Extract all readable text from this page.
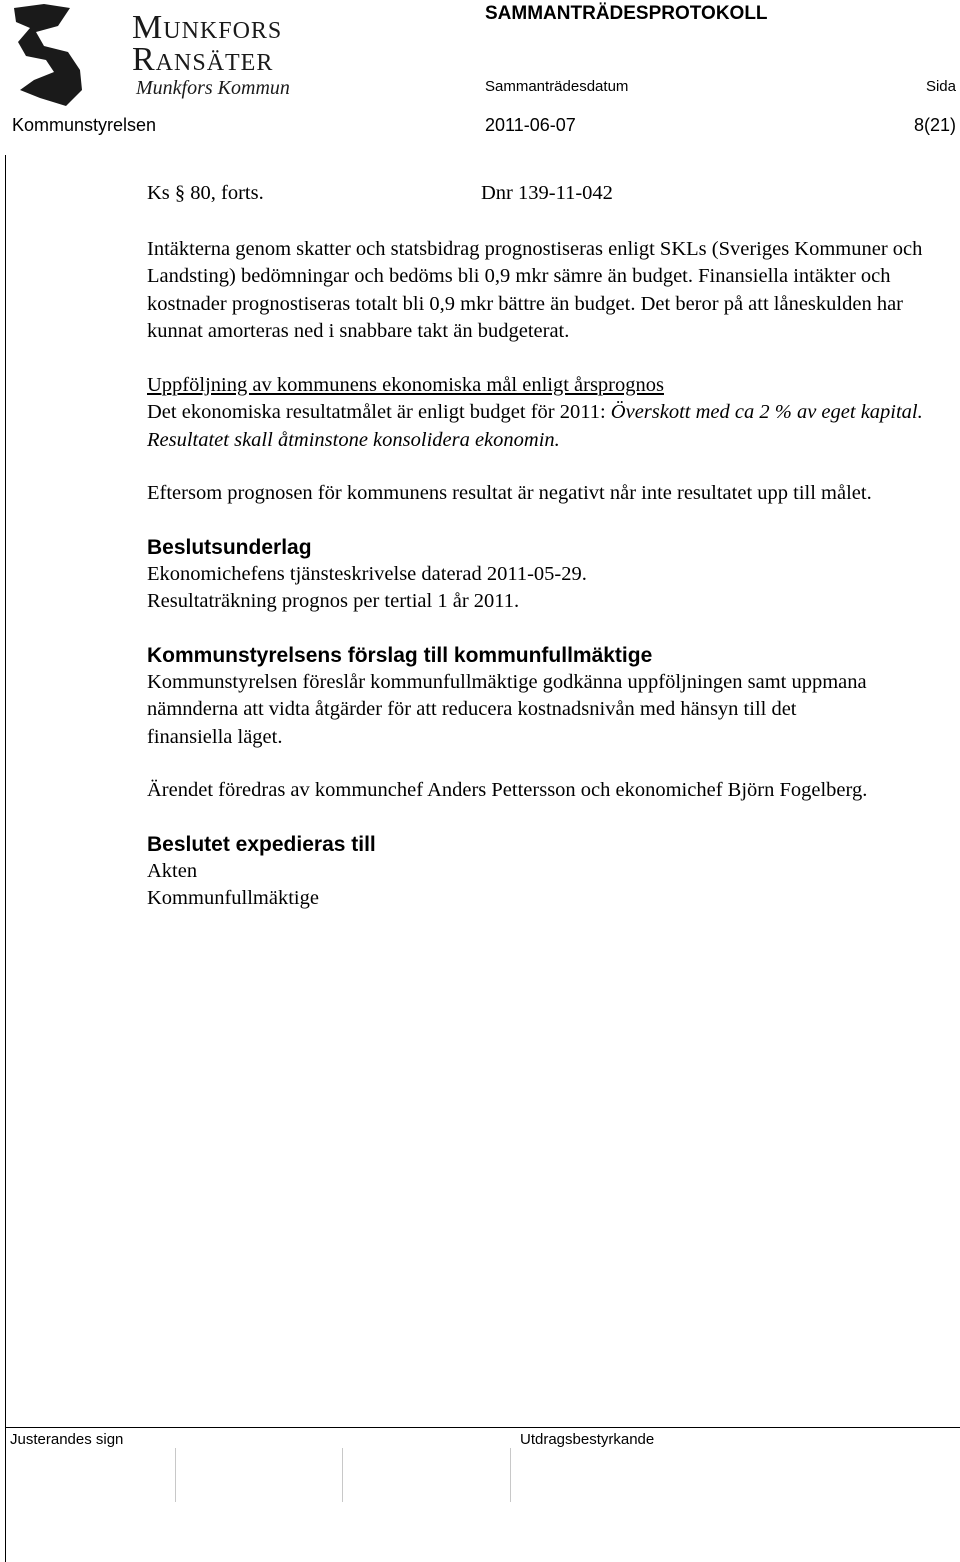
Munkfors
Ransäter
Munkfors Kommun
SAMMANTRÄDESPROTOKOLL
Sammanträdesdatum	Sida
Kommunstyrelsen	2011-06-07	8(21)

Ks § 80, forts.	Dnr 139-11-042

Intäkterna genom skatter och statsbidrag prognostiseras enligt SKLs (Sveriges Kommuner och Landsting) bedömningar och bedöms bli 0,9 mkr sämre än budget. Finansiella intäkter och kostnader prognostiseras totalt bli 0,9 mkr bättre än budget. Det beror på att låneskulden har kunnat amorteras ned i snabbare takt än budgeterat.

Uppföljning av kommunens ekonomiska mål enligt årsprognos

Det ekonomiska resultatmålet är enligt budget för 2011: Överskott med ca 2 % av eget kapital. Resultatet skall åtminstone konsolidera ekonomin.

Eftersom prognosen för kommunens resultat är negativt når inte resultatet upp till målet.

Beslutsunderlag

Ekonomichefens tjänsteskrivelse daterad 2011-05-29.

Resultaträkning prognos per tertial 1 år 2011.

Kommunstyrelsens förslag till kommunfullmäktige

Kommunstyrelsen föreslår kommunfullmäktige godkänna uppföljningen samt uppmana nämnderna att vidta åtgärder för att reducera kostnadsnivån med hänsyn till det finansiella läget.

Ärendet föredras av kommunchef Anders Pettersson och ekonomichef Björn Fogelberg.

Beslutet expedieras till

Akten

Kommunfullmäktige

Justerandes sign	Utdragsbestyrkande
